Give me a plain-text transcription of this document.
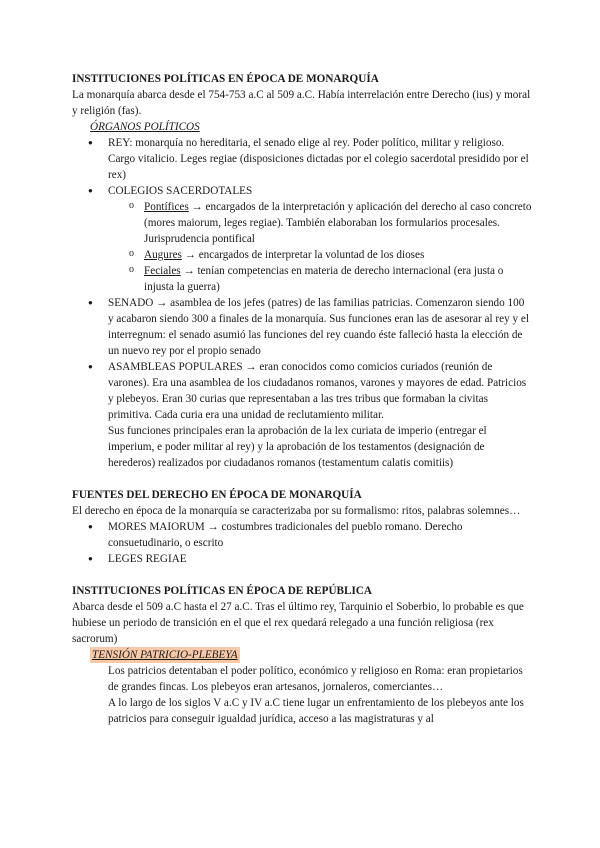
INSTITUCIONES POLÍTICAS EN ÉPOCA DE MONARQUÍA

La monarquía abarca desde el 754-753 a.C al 509 a.C. Había interrelación entre Derecho (ius) y moral y religión (fas).

ÓRGANOS POLÍTICOS

● REY: monarquía no hereditaria, el senado elige al rey. Poder político, militar y religioso. Cargo vitalicio. Leges regiae (disposiciones dictadas por el colegio sacerdotal presidido por el rex)
● COLEGIOS SACERDOTALES
o Pontífices → encargados de la interpretación y aplicación del derecho al caso concreto (mores maiorum, leges regiae). También elaboraban los formularios procesales. Jurisprudencia pontifical
o Augures → encargados de interpretar la voluntad de los dioses
o Feciales → tenían competencias en materia de derecho internacional (era justa o injusta la guerra)
● SENADO → asamblea de los jefes (patres) de las familias patricias. Comenzaron siendo 100 y acabaron siendo 300 a finales de la monarquía. Sus funciones eran las de asesorar al rey y el interregnum: el senado asumió las funciones del rey cuando éste falleció hasta la elección de un nuevo rey por el propio senado
● ASAMBLEAS POPULARES → eran conocidos como comicios curiados (reunión de varones). Era una asamblea de los ciudadanos romanos, varones y mayores de edad. Patricios y plebeyos. Eran 30 curias que representaban a las tres tribus que formaban la civitas primitiva. Cada curia era una unidad de reclutamiento militar.
Sus funciones principales eran la aprobación de la lex curiata de imperio (entregar el imperium, e poder militar al rey) y la aprobación de los testamentos (designación de herederos) realizados por ciudadanos romanos (testamentum calatis comitiis)
FUENTES DEL DERECHO EN ÉPOCA DE MONARQUÍA

El derecho en época de la monarquía se caracterizaba por su formalismo: ritos, palabras solemnes…

● MORES MAIORUM → costumbres tradicionales del pueblo romano. Derecho consuetudinario, o escrito
● LEGES REGIAE
INSTITUCIONES POLÍTICAS EN ÉPOCA DE REPÚBLICA

Abarca desde el 509 a.C hasta el 27 a.C. Tras el último rey, Tarquinio el Soberbio, lo probable es que hubiese un periodo de transición en el que el rex quedará relegado a una función religiosa (rex sacrorum)

TENSIÓN PATRICIO-PLEBEYA

Los patricios detentaban el poder político, económico y religioso en Roma: eran propietarios de grandes fincas. Los plebeyos eran artesanos, jornaleros, comerciantes…

A lo largo de los siglos V a.C y IV a.C tiene lugar un enfrentamiento de los plebeyos ante los patricios para conseguir igualdad jurídica, acceso a las magistraturas y al
